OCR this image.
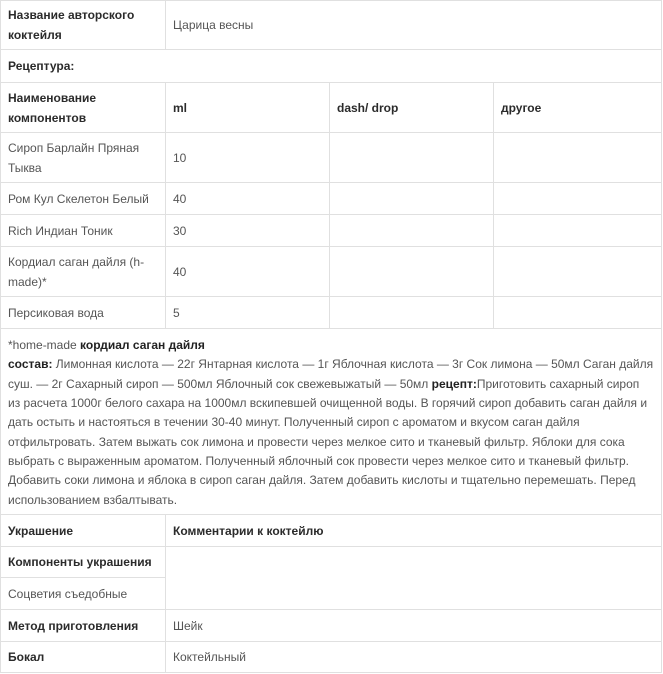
Название авторского коктейля	Царица весны		
Рецептура:			
Наименование компонентов	ml	dash/ drop	другое
Сироп Барлайн Пряная Тыква	10		
Ром Кул Скелетон Белый	40		
Rich Индиан Тоник	30		
Кордиал саган дайля (h-made)*	40		
Персиковая вода	5		
*home-made кордиал саган дайля
состав: Лимонная кислота — 22г Янтарная кислота — 1г Яблочная кислота — 3г Сок лимона — 50мл Саган дайля суш. — 2г Сахарный сироп — 500мл Яблочный сок свежевыжатый — 50мл рецепт:Приготовить сахарный сироп из расчета 1000г белого сахара на 1000мл вскипевшей очищенной воды. В горячий сироп добавить саган дайля и дать остыть и настояться в течении 30-40 минут. Полученный сироп с ароматом и вкусом саган дайля отфильтровать. Затем выжать сок лимона и провести через мелкое сито и тканевый фильтр. Яблоки для сока выбрать с выраженным ароматом. Полученный яблочный сок провести через мелкое сито и тканевый фильтр. Добавить соки лимона и яблока в сироп саган дайля. Затем добавить кислоты и тщательно перемешать. Перед использованием взбалтывать.			
Украшение	Комментарии к коктейлю		
Компоненты украшения			
Соцветия съедобные			
Метод приготовления	Шейк		
Бокал	Коктейльный		
